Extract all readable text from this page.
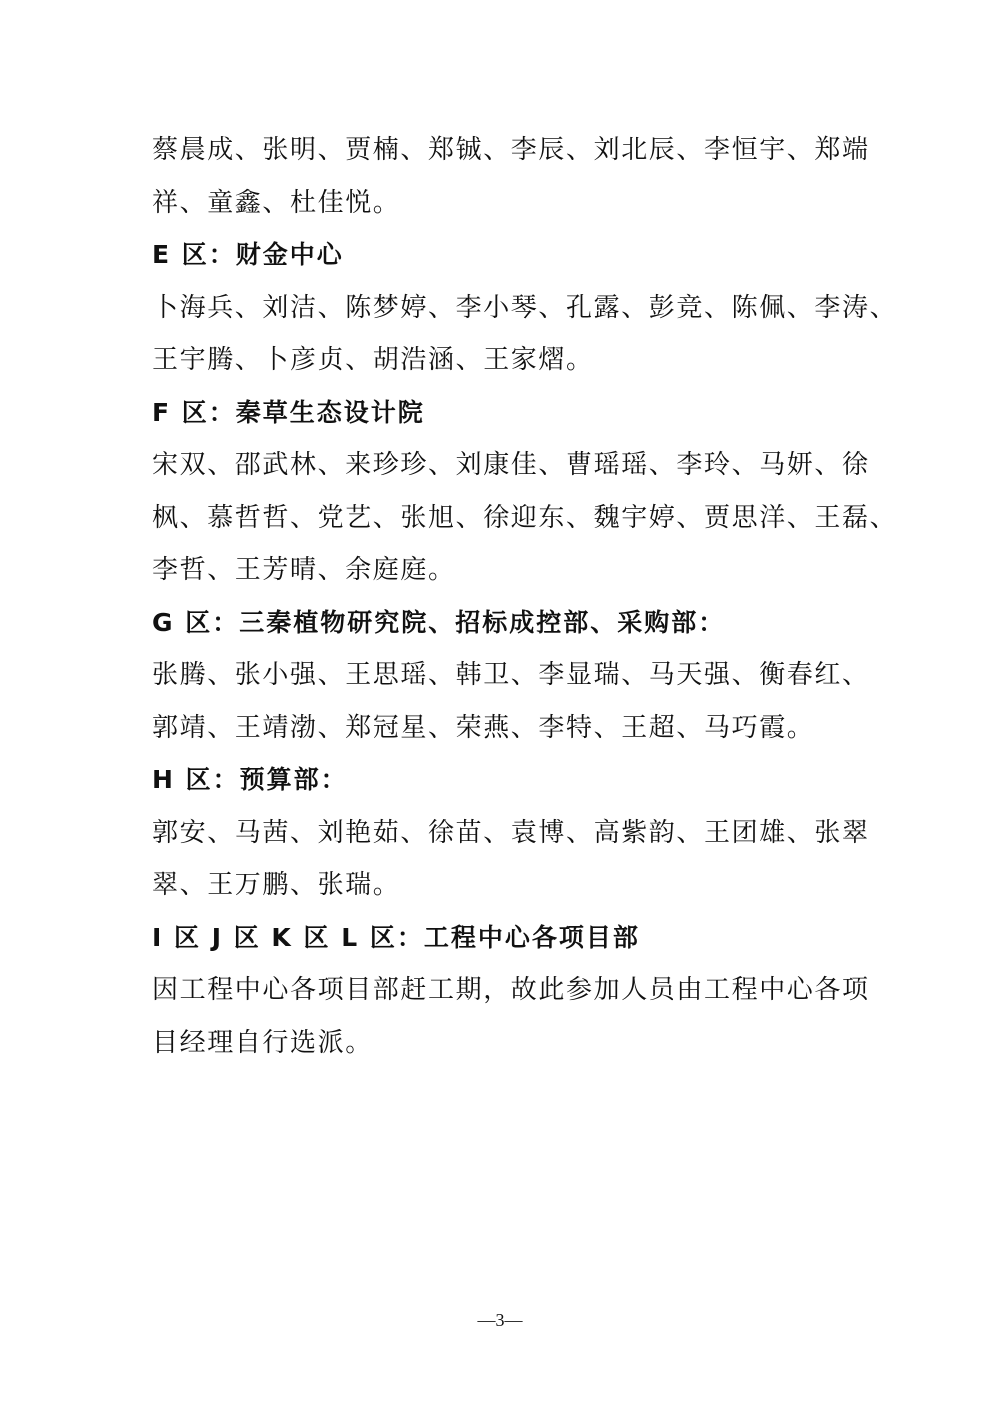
蔡晨成、张明、贾楠、郑铖、李辰、刘北辰、李恒宇、郑端
祥、童鑫、杜佳悦。
E 区：财金中心
卜海兵、刘洁、陈梦婷、李小琴、孔露、彭竞、陈佩、李涛、
王宇腾、卜彦贞、胡浩涵、王家熠。
F 区：秦草生态设计院
宋双、邵武林、来珍珍、刘康佳、曹瑶瑶、李玲、马妍、徐
枫、慕哲哲、党艺、张旭、徐迎东、魏宇婷、贾思洋、王磊、
李哲、王芳晴、余庭庭。
G 区：三秦植物研究院、招标成控部、采购部：
张腾、张小强、王思瑶、韩卫、李显瑞、马天强、衡春红、
郭靖、王靖渤、郑冠星、荣燕、李特、王超、马巧霞。
H 区：预算部：
郭安、马茜、刘艳茹、徐苗、袁博、高紫韵、王团雄、张翠
翠、王万鹏、张瑞。
I 区 J 区 K 区 L 区：工程中心各项目部
因工程中心各项目部赶工期，故此参加人员由工程中心各项
目经理自行选派。
—3—
